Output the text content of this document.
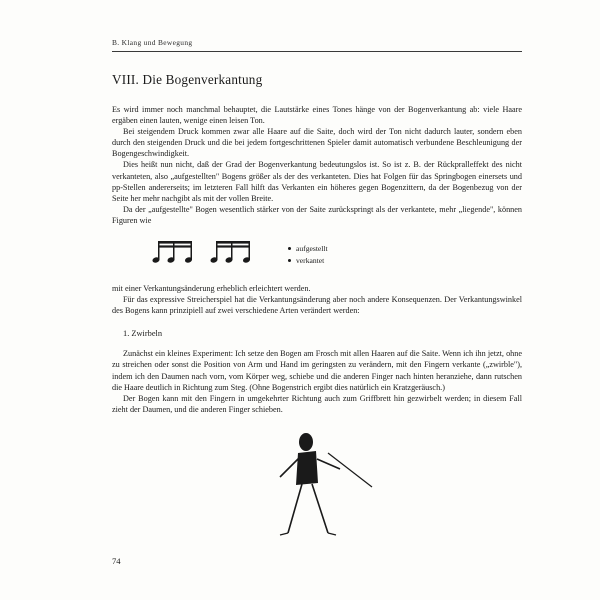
B. Klang und Bewegung
VIII. Die Bogenverkantung

Es wird immer noch manchmal behauptet, die Lautstärke eines Tones hänge von der Bogenverkantung ab: viele Haare ergäben einen lauten, wenige einen leisen Ton.

Bei steigendem Druck kommen zwar alle Haare auf die Saite, doch wird der Ton nicht dadurch lauter, sondern eben durch den steigenden Druck und die bei jedem fortgeschrittenen Spieler damit automatisch verbundene Beschleunigung der Bogengeschwindigkeit.

Dies heißt nun nicht, daß der Grad der Bogenverkantung bedeutungslos ist. So ist z. B. der Rückpralleffekt des nicht verkanteten, also „aufgestellten" Bogens größer als der des verkanteten. Dies hat Folgen für das Springbogen einersets und pp-Stellen andererseits; im letzteren Fall hilft das Verkanten ein höheres gegen Bogenzittern, da der Bogenbezug von der Seite her mehr nachgibt als mit der vollen Breite.

Da der „aufgestellte" Bogen wesentlich stärker von der Saite zurückspringt als der verkantete, mehr „liegende", können Figuren wie

aufgestellt
verkantet

mit einer Verkantungsänderung erheblich erleichtert werden.

Für das expressive Streicherspiel hat die Verkantungsänderung aber noch andere Konsequenzen. Der Verkantungswinkel des Bogens kann prinzipiell auf zwei verschiedene Arten verändert werden:

1. Zwirbeln

Zunächst ein kleines Experiment: Ich setze den Bogen am Frosch mit allen Haaren auf die Saite. Wenn ich ihn jetzt, ohne zu streichen oder sonst die Position von Arm und Hand im geringsten zu verändern, mit den Fingern verkante („zwirble"), indem ich den Daumen nach vorn, vom Körper weg, schiebe und die anderen Finger nach hinten heranziehe, dann rutschen die Haare deutlich in Richtung zum Steg. (Ohne Bogenstrich ergibt dies natürlich ein Kratzgeräusch.)

Der Bogen kann mit den Fingern in umgekehrter Richtung auch zum Griffbrett hin gezwirbelt werden; in diesem Fall zieht der Daumen, und die anderen Finger schieben.

74
